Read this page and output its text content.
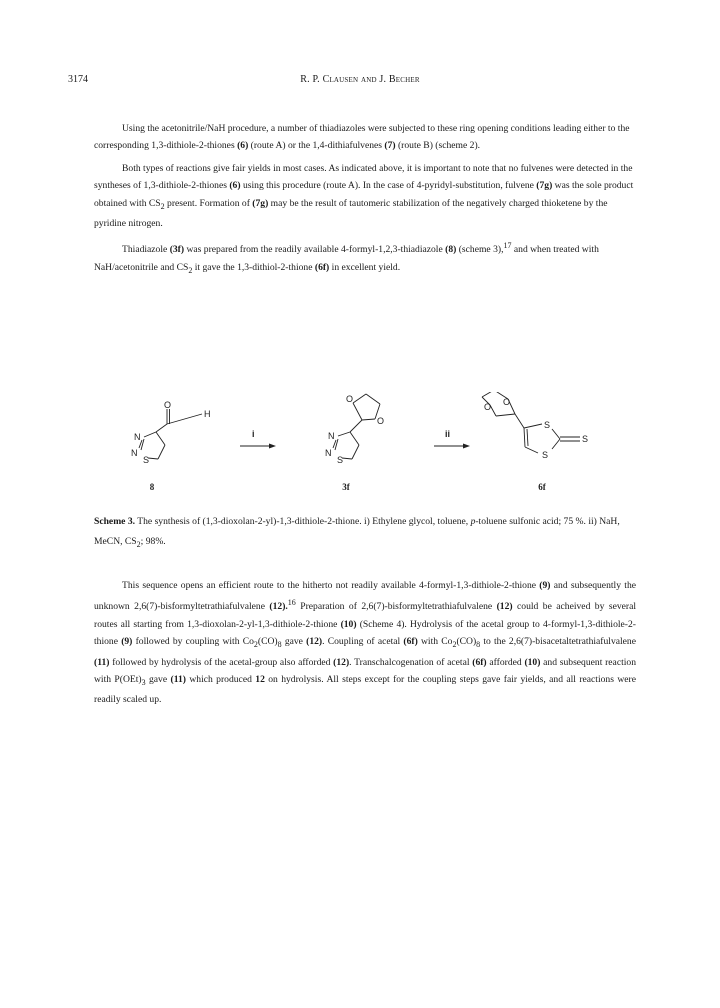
3174	R. P. Clausen and J. Becher

Using the acetonitrile/NaH procedure, a number of thiadiazoles were subjected to these ring opening conditions leading either to the corresponding 1,3-dithiole-2-thiones (6) (route A) or the 1,4-dithiafulvenes (7) (route B) (scheme 2).

Both types of reactions give fair yields in most cases. As indicated above, it is important to note that no fulvenes were detected in the syntheses of 1,3-dithiole-2-thiones (6) using this procedure (route A). In the case of 4-pyridyl-substitution, fulvene (7g) was the sole product obtained with $CS_2$ present. Formation of (7g) may be the result of tautomeric stabilization of the negatively charged thioketene by the pyridine nitrogen.

Thiadiazole (3f) was prepared from the readily available 4-formyl-1,2,3-thiadiazole (8) (scheme 3),$^{17}$ and when treated with NaH/acetonitrile and $CS_2$ it gave the 1,3-dithiol-2-thione (6f) in excellent yield.

O
H
N
N
S
O
O
N
N
S
O O
S
S
S
i	ii
8	3f	6f

Scheme 3. The synthesis of (1,3-dioxolan-2-yl)-1,3-dithiole-2-thione. i) Ethylene glycol, toluene, p-toluene sulfonic acid; 75 %. ii) NaH, MeCN, $CS_2$; 98%.

This sequence opens an efficient route to the hitherto not readily available 4-formyl-1,3-dithiole-2-thione (9) and subsequently the unknown 2,6(7)-bisformyltetrathiafulvalene (12).$^{16}$ Preparation of 2,6(7)-bisformyltetrathiafulvalene (12) could be acheived by several routes all starting from 1,3-dioxolan-2-yl-1,3-dithiole-2-thione (10) (Scheme 4). Hydrolysis of the acetal group to 4-formyl-1,3-dithiole-2-thione (9) followed by coupling with $Co_2(CO)_8$ gave (12). Coupling of acetal (6f) with $Co_2(CO)_8$ to the 2,6(7)-bisacetaltetrathiafulvalene (11) followed by hydrolysis of the acetal-group also afforded (12). Transchalcogenation of acetal (6f) afforded (10) and subsequent reaction with $P(OEt)_3$ gave (11) which produced 12 on hydrolysis. All steps except for the coupling steps gave fair yields, and all reactions were readily scaled up.
